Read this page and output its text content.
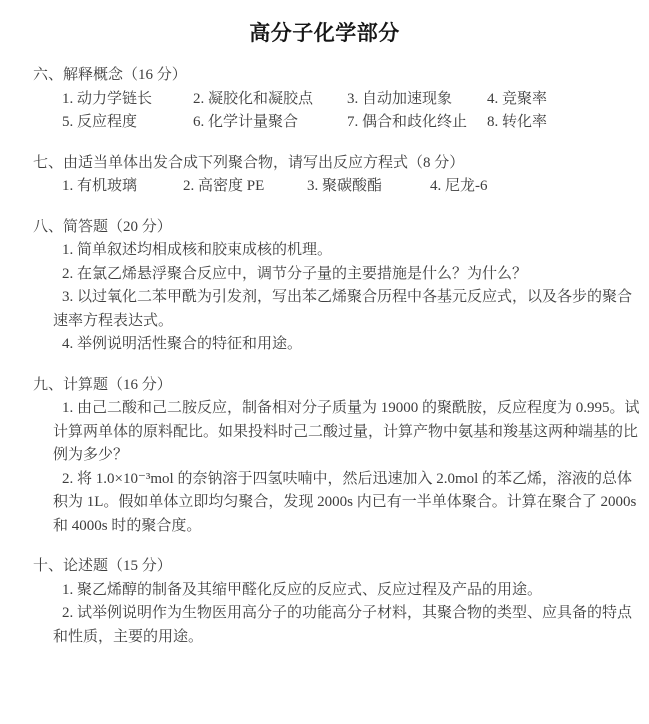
高分子化学部分
六、解释概念（16 分）
1. 动力学链长	2. 凝胶化和凝胶点 3. 自动加速现象 4. 竞聚率
5. 反应程度	6. 化学计量聚合	7. 偶合和歧化终止 8. 转化率
七、由适当单体出发合成下列聚合物，请写出反应方程式（8 分）
1. 有机玻璃	2. 高密度 PE	3. 聚碳酸酯	4. 尼龙-6
八、简答题（20 分）

1. 简单叙述均相成核和胶束成核的机理。

2. 在氯乙烯悬浮聚合反应中，调节分子量的主要措施是什么？为什么？

3. 以过氧化二苯甲酰为引发剂，写出苯乙烯聚合历程中各基元反应式，以及各步的聚合速率方程表达式。

4. 举例说明活性聚合的特征和用途。

九、计算题（16 分）

1. 由己二酸和己二胺反应，制备相对分子质量为 19000 的聚酰胺，反应程度为 0.995。试计算两单体的原料配比。如果投料时己二酸过量，计算产物中氨基和羧基这两种端基的比例为多少？

2. 将 1.0×10⁻³mol 的奈钠溶于四氢呋喃中，然后迅速加入 2.0mol 的苯乙烯，溶液的总体积为 1L。假如单体立即均匀聚合，发现 2000s 内已有一半单体聚合。计算在聚合了 2000s 和 4000s 时的聚合度。

十、论述题（15 分）

1. 聚乙烯醇的制备及其缩甲醛化反应的反应式、反应过程及产品的用途。

2. 试举例说明作为生物医用高分子的功能高分子材料，其聚合物的类型、应具备的特点和性质，主要的用途。
